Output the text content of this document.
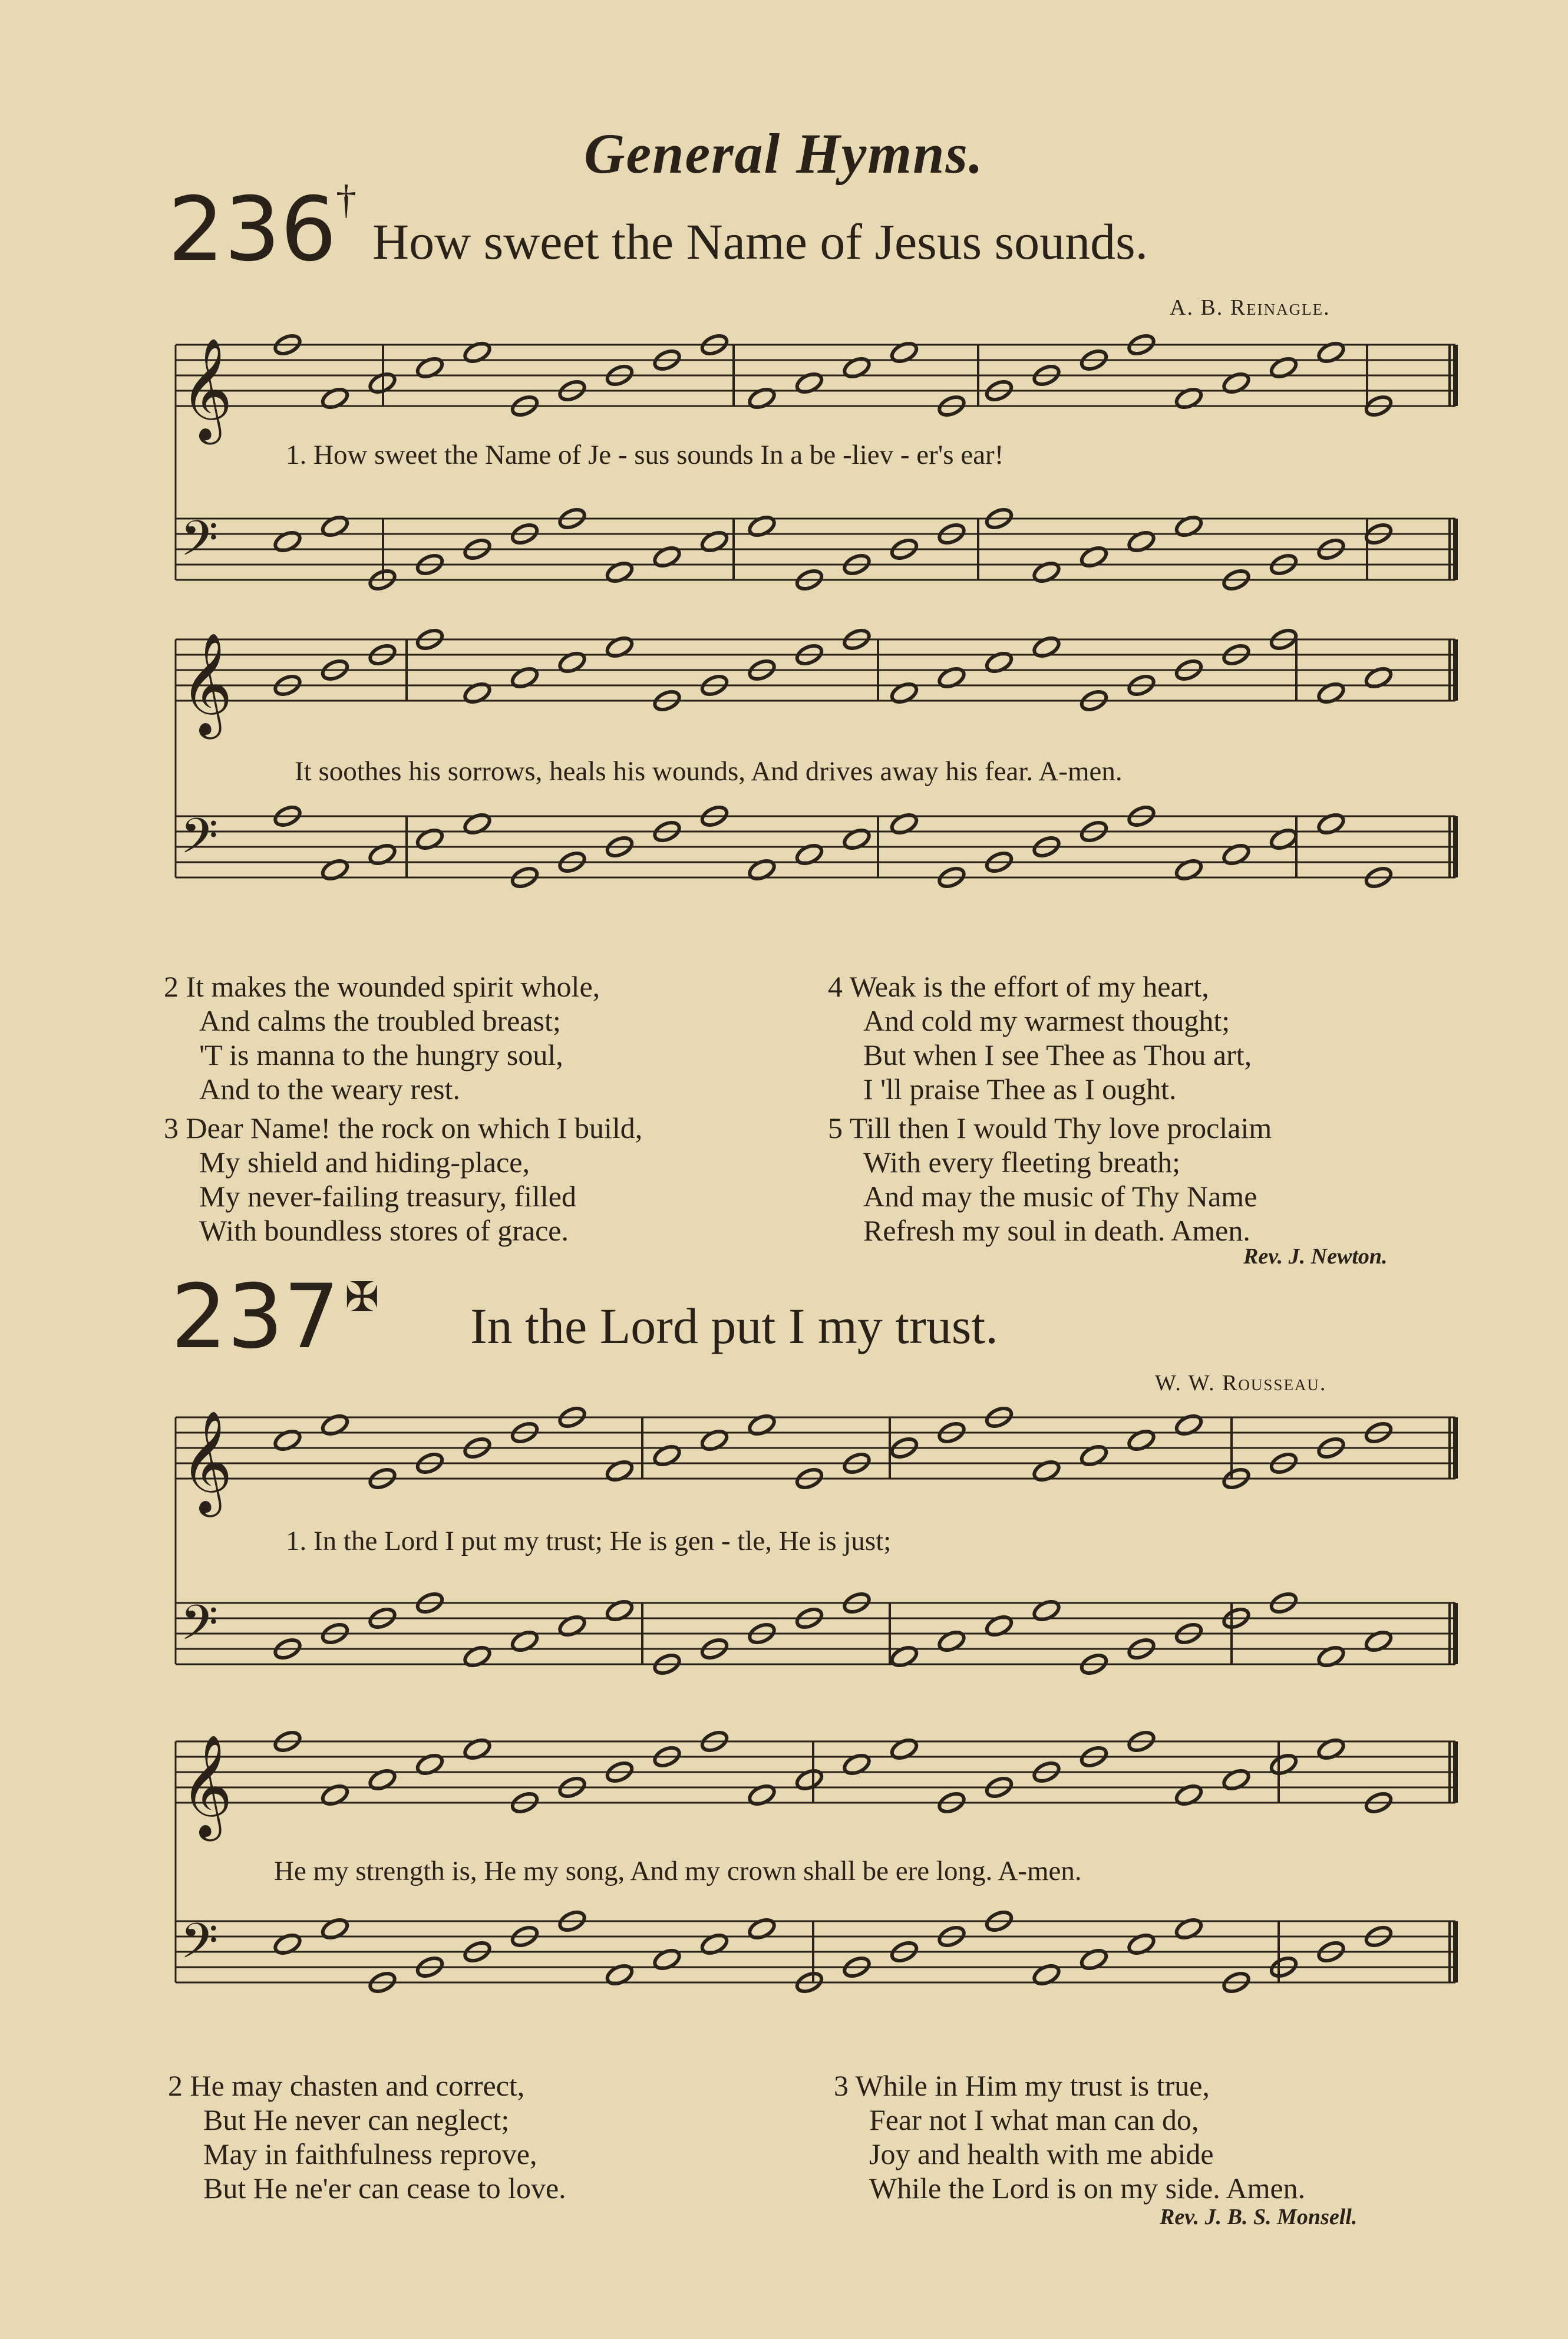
General Hymns.
236
†
How sweet the Name of Jesus sounds.
A. B. Reinagle.
1. How sweet the Name of Je - sus sounds In a be -liev - er's ear!
It soothes his sorrows, heals his wounds, And drives away his fear. A-men.
2 It makes the wounded spirit whole,
And calms the troubled breast;
'T is manna to the hungry soul,
And to the weary rest.
3 Dear Name! the rock on which I build,
My shield and hiding-place,
My never-failing treasury, filled
With boundless stores of grace.
4 Weak is the effort of my heart,
And cold my warmest thought;
But when I see Thee as Thou art,
I 'll praise Thee as I ought.
5 Till then I would Thy love proclaim
With every fleeting breath;
And may the music of Thy Name
Refresh my soul in death. Amen.
Rev. J. Newton.
237 ✠ In the Lord put I my trust.
W. W. Rousseau.
1. In the Lord I put my trust; He is gen - tle, He is just;
He my strength is, He my song, And my crown shall be ere long. A-men.
2 He may chasten and correct,
But He never can neglect;
May in faithfulness reprove,
But He ne'er can cease to love.
3 While in Him my trust is true,
Fear not I what man can do,
Joy and health with me abide
While the Lord is on my side. Amen.
Rev. J. B. S. Monsell.
𝄞
𝄢
𝄞
𝄢
𝄞
𝄢
𝄞
𝄢
